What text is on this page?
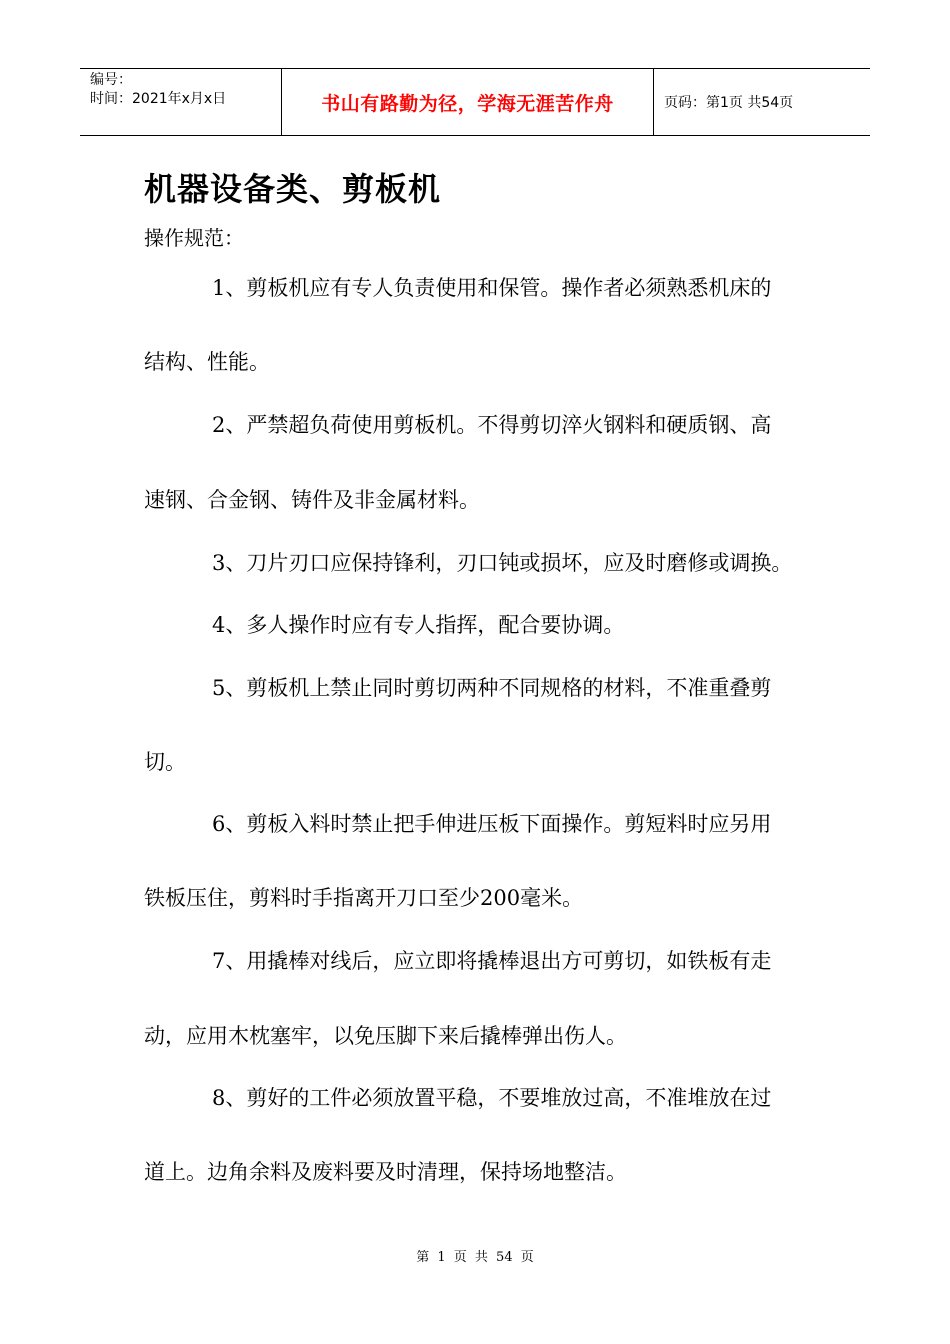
编号：
时间：2021年x月x日	书山有路勤为径，学海无涯苦作舟	页码：第1页 共54页
机器设备类、剪板机

操作规范：

1、剪板机应有专人负责使用和保管。操作者必须熟悉机床的

结构、性能。

2、严禁超负荷使用剪板机。不得剪切淬火钢料和硬质钢、高

速钢、合金钢、铸件及非金属材料。

3、刀片刃口应保持锋利，刃口钝或损坏，应及时磨修或调换。

4、多人操作时应有专人指挥，配合要协调。

5、剪板机上禁止同时剪切两种不同规格的材料，不准重叠剪

切。

6、剪板入料时禁止把手伸进压板下面操作。剪短料时应另用

铁板压住，剪料时手指离开刀口至少200毫米。

7、用撬棒对线后，应立即将撬棒退出方可剪切，如铁板有走

动，应用木枕塞牢，以免压脚下来后撬棒弹出伤人。

8、剪好的工件必须放置平稳，不要堆放过高，不准堆放在过

道上。边角余料及废料要及时清理，保持场地整洁。

第 1 页 共 54 页
